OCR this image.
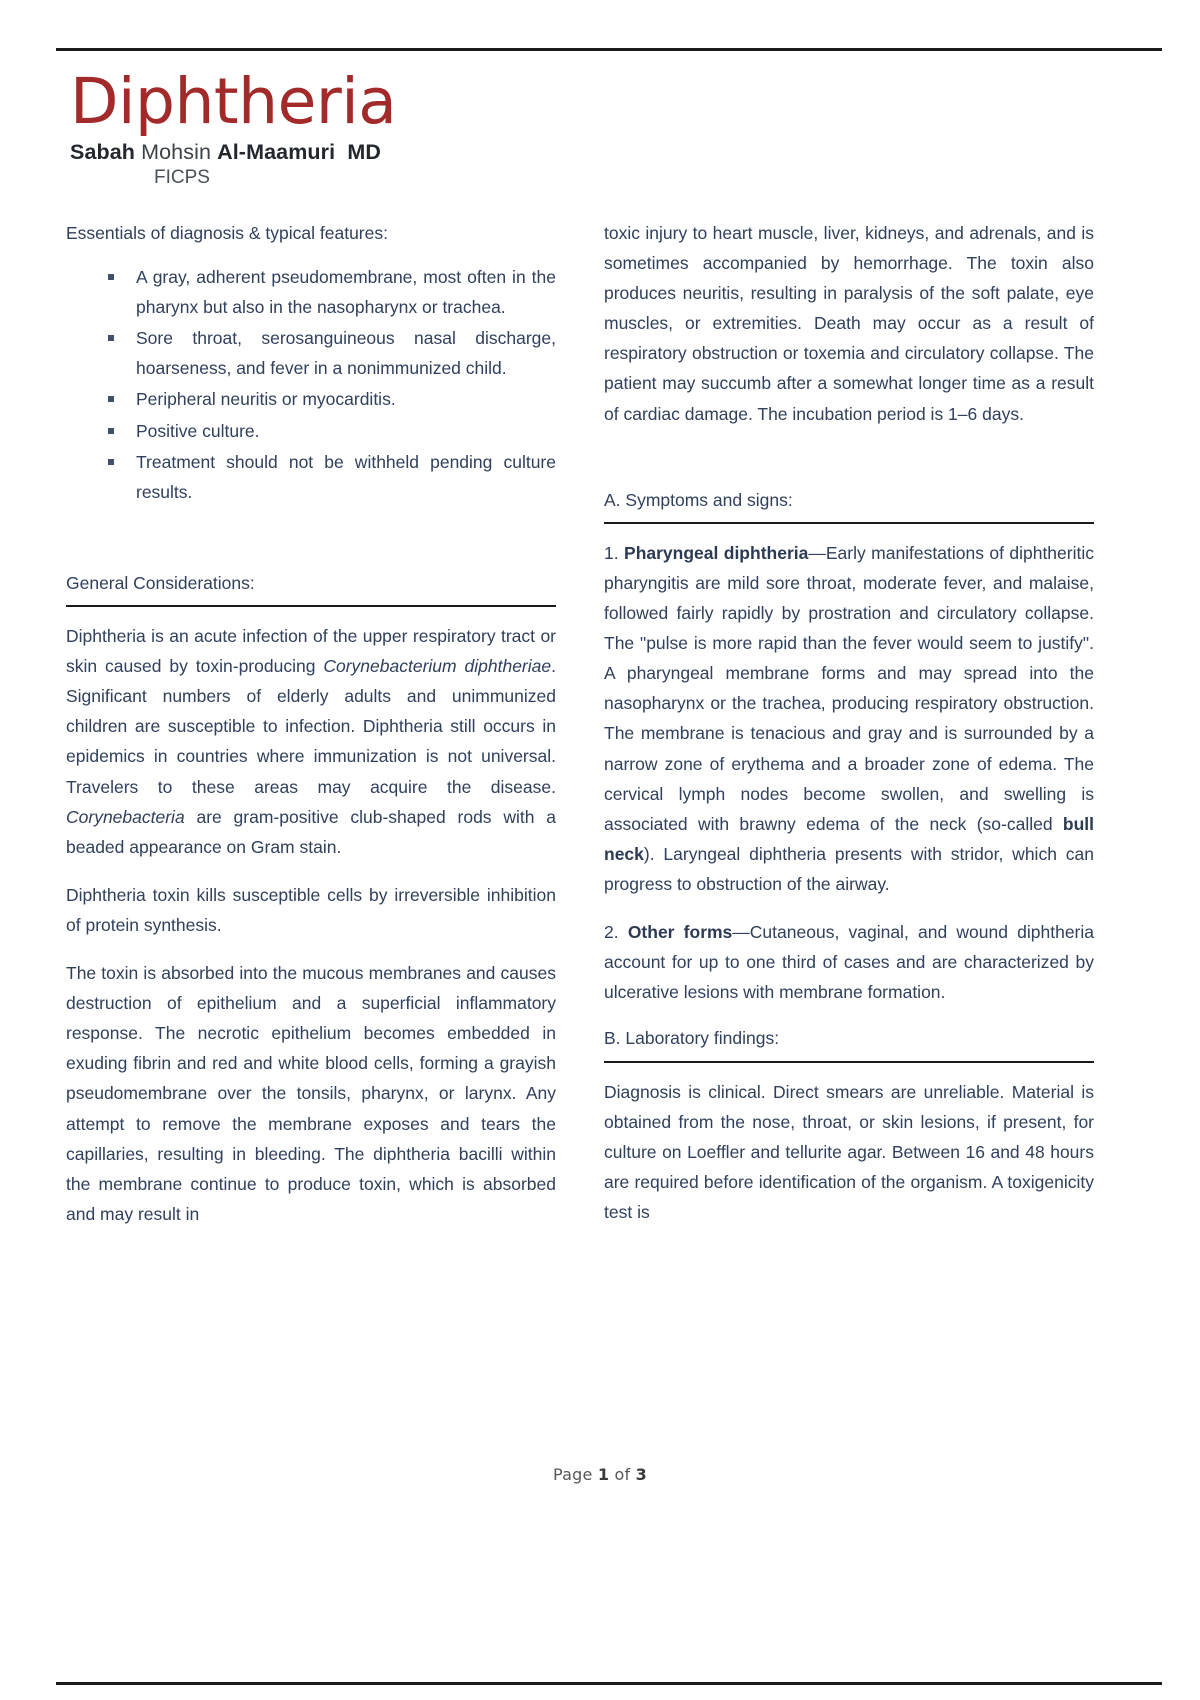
Diphtheria
Sabah Mohsin Al-Maamuri MD
FICPS

Essentials of diagnosis & typical features:

A gray, adherent pseudomembrane, most often in the pharynx but also in the nasopharynx or trachea.
Sore throat, serosanguineous nasal discharge, hoarseness, and fever in a nonimmunized child.
Peripheral neuritis or myocarditis.
Positive culture.
Treatment should not be withheld pending culture results.
General Considerations:

Diphtheria is an acute infection of the upper respiratory tract or skin caused by toxin-producing Corynebacterium diphtheriae. Significant numbers of elderly adults and unimmunized children are susceptible to infection. Diphtheria still occurs in epidemics in countries where immunization is not universal. Travelers to these areas may acquire the disease. Corynebacteria are gram-positive club-shaped rods with a beaded appearance on Gram stain.

Diphtheria toxin kills susceptible cells by irreversible inhibition of protein synthesis.

The toxin is absorbed into the mucous membranes and causes destruction of epithelium and a superficial inflammatory response. The necrotic epithelium becomes embedded in exuding fibrin and red and white blood cells, forming a grayish pseudomembrane over the tonsils, pharynx, or larynx. Any attempt to remove the membrane exposes and tears the capillaries, resulting in bleeding. The diphtheria bacilli within the membrane continue to produce toxin, which is absorbed and may result in

toxic injury to heart muscle, liver, kidneys, and adrenals, and is sometimes accompanied by hemorrhage. The toxin also produces neuritis, resulting in paralysis of the soft palate, eye muscles, or extremities. Death may occur as a result of respiratory obstruction or toxemia and circulatory collapse. The patient may succumb after a somewhat longer time as a result of cardiac damage. The incubation period is 1–6 days.

A. Symptoms and signs:

1. Pharyngeal diphtheria—Early manifestations of diphtheritic pharyngitis are mild sore throat, moderate fever, and malaise, followed fairly rapidly by prostration and circulatory collapse. The "pulse is more rapid than the fever would seem to justify". A pharyngeal membrane forms and may spread into the nasopharynx or the trachea, producing respiratory obstruction. The membrane is tenacious and gray and is surrounded by a narrow zone of erythema and a broader zone of edema. The cervical lymph nodes become swollen, and swelling is associated with brawny edema of the neck (so-called bull neck). Laryngeal diphtheria presents with stridor, which can progress to obstruction of the airway.

2. Other forms—Cutaneous, vaginal, and wound diphtheria account for up to one third of cases and are characterized by ulcerative lesions with membrane formation.

B. Laboratory findings:

Diagnosis is clinical. Direct smears are unreliable. Material is obtained from the nose, throat, or skin lesions, if present, for culture on Loeffler and tellurite agar. Between 16 and 48 hours are required before identification of the organism. A toxigenicity test is

Page 1 of 3
